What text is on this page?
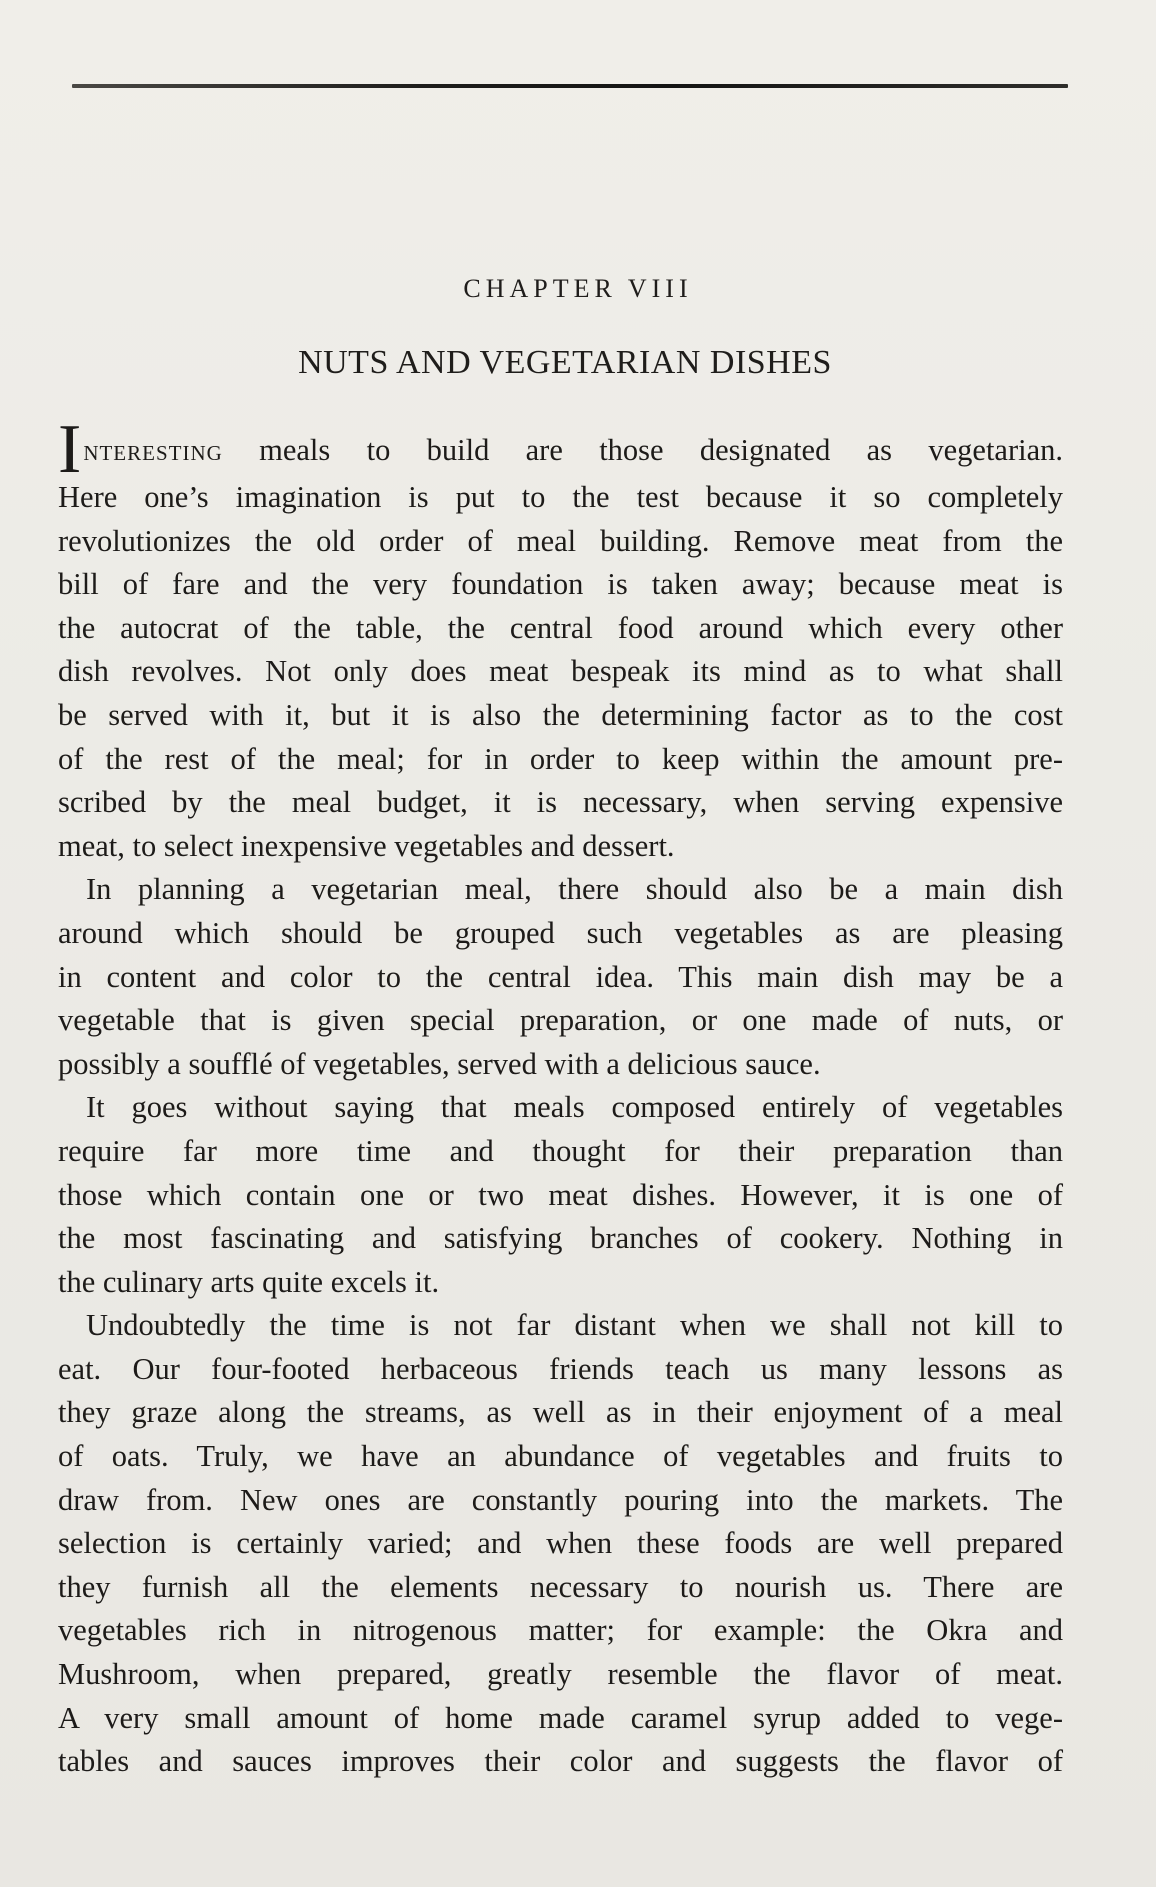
CHAPTER VIII
NUTS AND VEGETARIAN DISHES
Interesting meals to build are those designated as vegetarian.
Here one’s imagination is put to the test because it so completely
revolutionizes the old order of meal building. Remove meat from the
bill of fare and the very foundation is taken away; because meat is
the autocrat of the table, the central food around which every other
dish revolves. Not only does meat bespeak its mind as to what shall
be served with it, but it is also the determining factor as to the cost
of the rest of the meal; for in order to keep within the amount pre-
scribed by the meal budget, it is necessary, when serving expensive
meat, to select inexpensive vegetables and dessert.
In planning a vegetarian meal, there should also be a main dish
around which should be grouped such vegetables as are pleasing
in content and color to the central idea. This main dish may be a
vegetable that is given special preparation, or one made of nuts, or
possibly a soufflé of vegetables, served with a delicious sauce.
It goes without saying that meals composed entirely of vegetables
require far more time and thought for their preparation than
those which contain one or two meat dishes. However, it is one of
the most fascinating and satisfying branches of cookery. Nothing in
the culinary arts quite excels it.
Undoubtedly the time is not far distant when we shall not kill to
eat. Our four-footed herbaceous friends teach us many lessons as
they graze along the streams, as well as in their enjoyment of a meal
of oats. Truly, we have an abundance of vegetables and fruits to
draw from. New ones are constantly pouring into the markets. The
selection is certainly varied; and when these foods are well prepared
they furnish all the elements necessary to nourish us. There are
vegetables rich in nitrogenous matter; for example: the Okra and
Mushroom, when prepared, greatly resemble the flavor of meat.
A very small amount of home made caramel syrup added to vege-
tables and sauces improves their color and suggests the flavor of
